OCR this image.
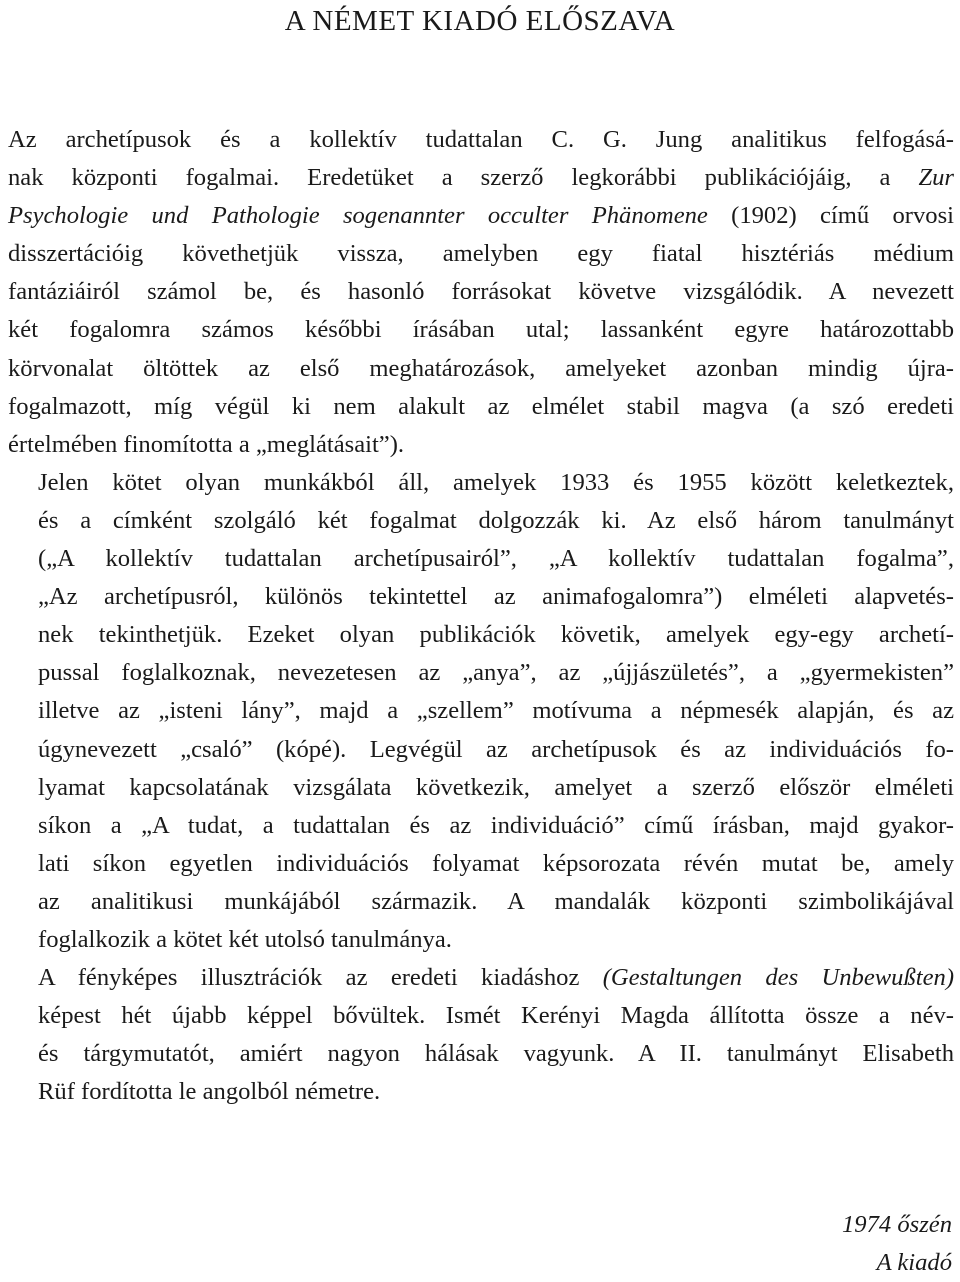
A NÉMET KIADÓ ELŐSZAVA

Az archetípusok és a kollektív tudattalan C. G. Jung analitikus felfogásá-
nak központi fogalmai. Eredetüket a szerző legkorábbi publikációjáig, a Zur
Psychologie und Pathologie sogenannter occulter Phänomene (1902) című orvosi
disszertációig követhetjük vissza, amelyben egy fiatal hisztériás médium
fantáziáiról számol be, és hasonló forrásokat követve vizsgálódik. A nevezett
két fogalomra számos későbbi írásában utal; lassanként egyre határozottabb
körvonalat öltöttek az első meghatározások, amelyeket azonban mindig újra-
fogalmazott, míg végül ki nem alakult az elmélet stabil magva (a szó eredeti
értelmében finomította a „meglátásait”).

Jelen kötet olyan munkákból áll, amelyek 1933 és 1955 között keletkeztek,
és a címként szolgáló két fogalmat dolgozzák ki. Az első három tanulmányt
(„A kollektív tudattalan archetípusairól”, „A kollektív tudattalan fogalma”,
„Az archetípusról, különös tekintettel az animafogalomra”) elméleti alapvetés-
nek tekinthetjük. Ezeket olyan publikációk követik, amelyek egy-egy archetí-
pussal foglalkoznak, nevezetesen az „anya”, az „újjászületés”, a „gyermekisten”
illetve az „isteni lány”, majd a „szellem” motívuma a népmesék alapján, és az
úgynevezett „csaló” (kópé). Legvégül az archetípusok és az individuációs fo-
lyamat kapcsolatának vizsgálata következik, amelyet a szerző először elméleti
síkon a „A tudat, a tudattalan és az individuáció” című írásban, majd gyakor-
lati síkon egyetlen individuációs folyamat képsorozata révén mutat be, amely
az analitikusi munkájából származik. A mandalák központi szimbolikájával
foglalkozik a kötet két utolsó tanulmánya.

A fényképes illusztrációk az eredeti kiadáshoz (Gestaltungen des Unbewußten)
képest hét újabb képpel bővültek. Ismét Kerényi Magda állította össze a név-
és tárgymutatót, amiért nagyon hálásak vagyunk. A II. tanulmányt Elisabeth
Rüf fordította le angolból németre.

1974 őszén
A kiadó
